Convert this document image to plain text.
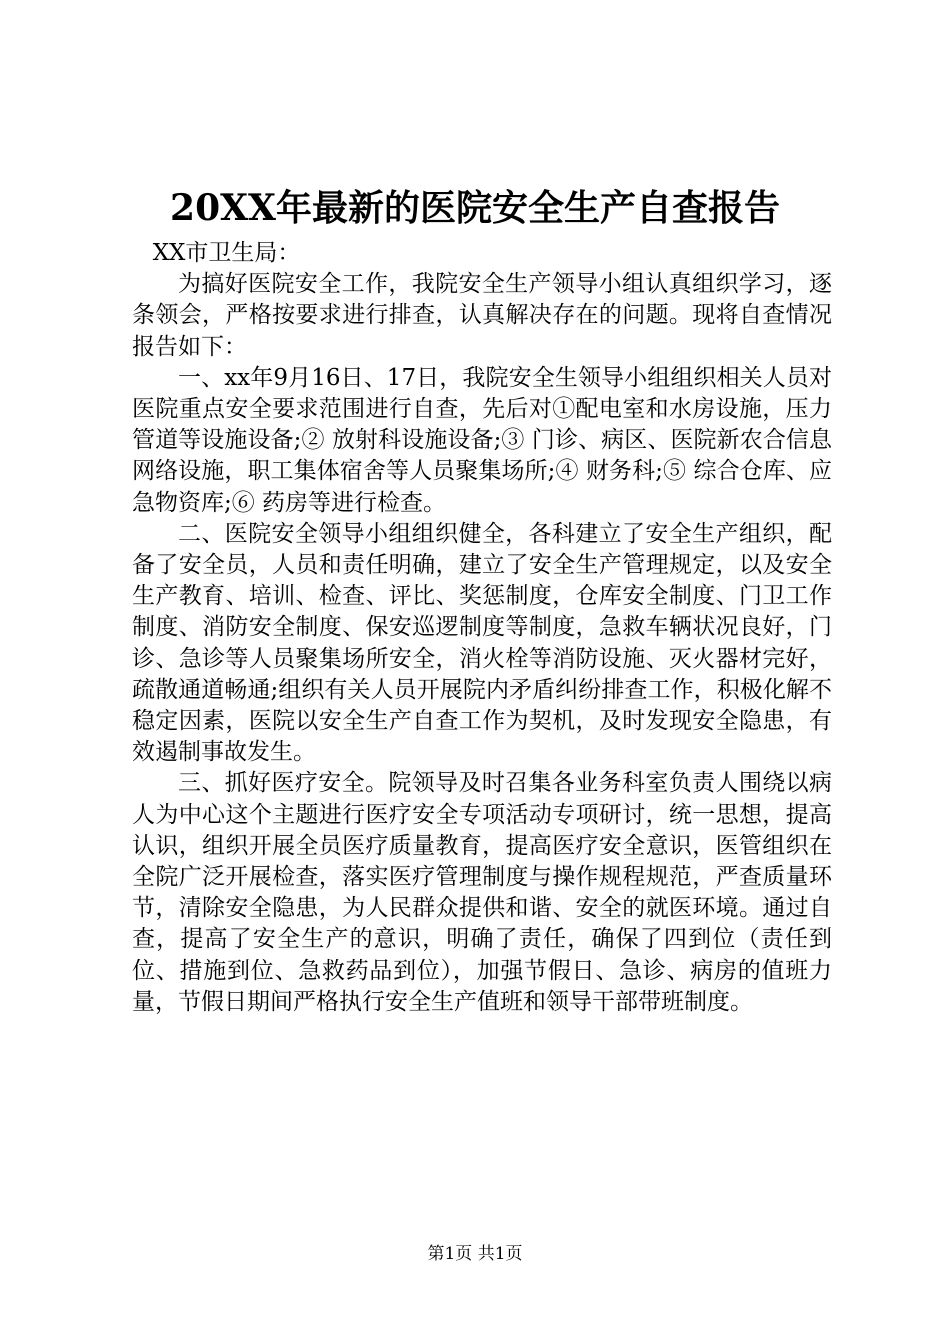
20XX年最新的医院安全生产自查报告

XX市卫生局：

为搞好医院安全工作，我院安全生产领导小组认真组织学习，逐条领会，严格按要求进行排查，认真解决存在的问题。现将自查情况报告如下：

一、xx年9月16日、17日，我院安全生领导小组组织相关人员对医院重点安全要求范围进行自查，先后对①配电室和水房设施，压力管道等设施设备;② 放射科设施设备;③ 门诊、病区、医院新农合信息网络设施，职工集体宿舍等人员聚集场所;④ 财务科;⑤ 综合仓库、应急物资库;⑥ 药房等进行检查。

二、医院安全领导小组组织健全，各科建立了安全生产组织，配备了安全员，人员和责任明确，建立了安全生产管理规定，以及安全生产教育、培训、检查、评比、奖惩制度，仓库安全制度、门卫工作制度、消防安全制度、保安巡逻制度等制度，急救车辆状况良好，门诊、急诊等人员聚集场所安全，消火栓等消防设施、灭火器材完好，疏散通道畅通;组织有关人员开展院内矛盾纠纷排查工作，积极化解不稳定因素，医院以安全生产自查工作为契机，及时发现安全隐患，有效遏制事故发生。

三、抓好医疗安全。院领导及时召集各业务科室负责人围绕以病人为中心这个主题进行医疗安全专项活动专项研讨，统一思想，提高认识，组织开展全员医疗质量教育，提高医疗安全意识，医管组织在全院广泛开展检查，落实医疗管理制度与操作规程规范，严查质量环节，清除安全隐患，为人民群众提供和谐、安全的就医环境。通过自查，提高了安全生产的意识，明确了责任，确保了四到位（责任到位、措施到位、急救药品到位），加强节假日、急诊、病房的值班力量，节假日期间严格执行安全生产值班和领导干部带班制度。

第1页 共1页
